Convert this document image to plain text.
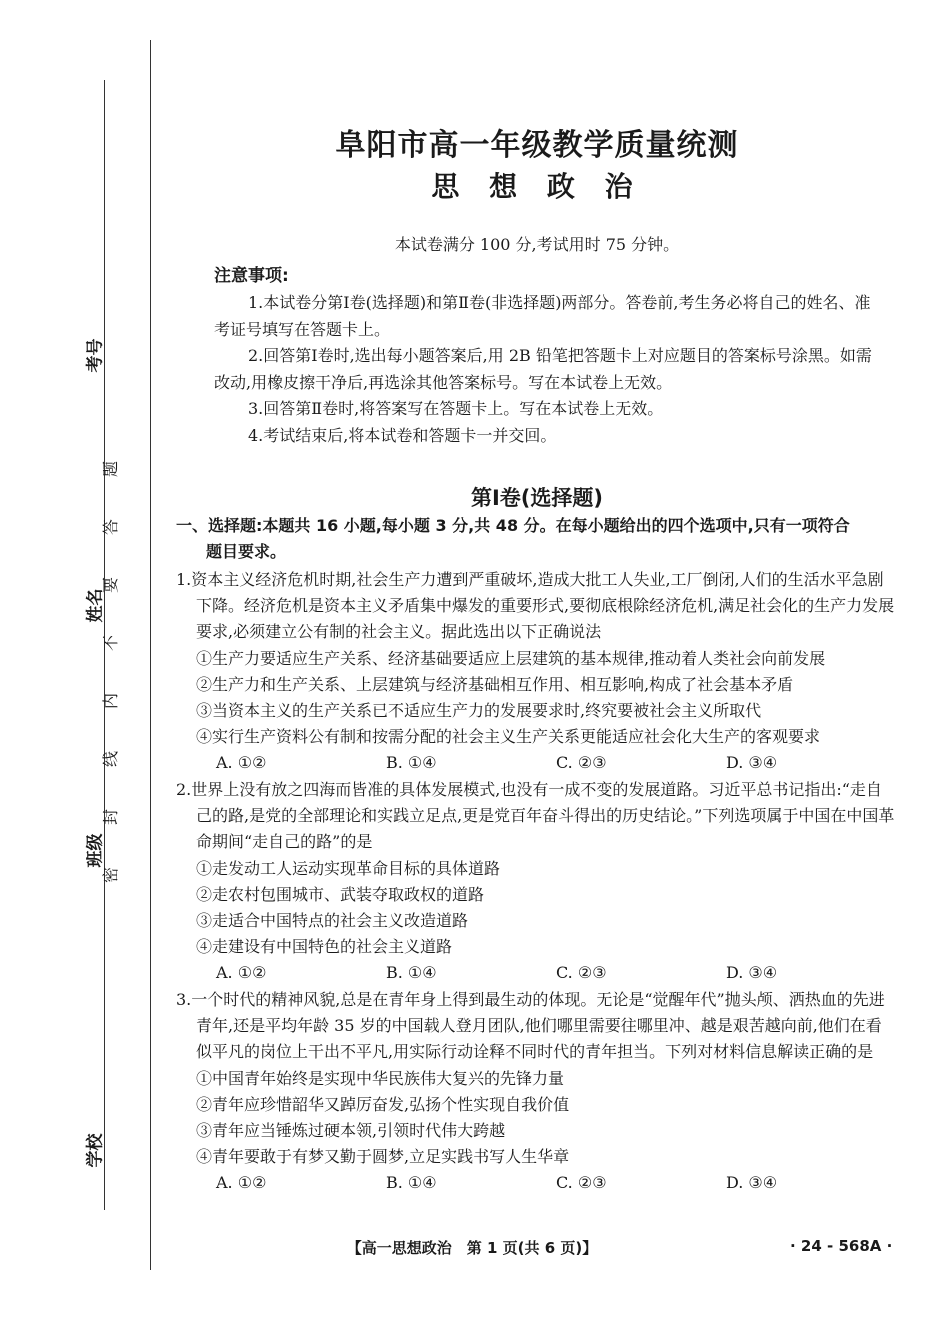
考号
姓名
班级
学校
题
答
要
不
内
线
封
密
阜阳市高一年级教学质量统测
思 想 政 治
本试卷满分 100 分,考试用时 75 分钟。
注意事项:

1.本试卷分第Ⅰ卷(选择题)和第Ⅱ卷(非选择题)两部分。答卷前,考生务必将自己的姓名、准考证号填写在答题卡上。

2.回答第Ⅰ卷时,选出每小题答案后,用 2B 铅笔把答题卡上对应题目的答案标号涂黑。如需改动,用橡皮擦干净后,再选涂其他答案标号。写在本试卷上无效。

3.回答第Ⅱ卷时,将答案写在答题卡上。写在本试卷上无效。

4.考试结束后,将本试卷和答题卡一并交回。

第Ⅰ卷(选择题)
一、选择题:本题共 16 小题,每小题 3 分,共 48 分。在每小题给出的四个选项中,只有一项符合
题目要求。

1.资本主义经济危机时期,社会生产力遭到严重破坏,造成大批工人失业,工厂倒闭,人们的生活水平急剧下降。经济危机是资本主义矛盾集中爆发的重要形式,要彻底根除经济危机,满足社会化的生产力发展要求,必须建立公有制的社会主义。据此选出以下正确说法

①生产力要适应生产关系、经济基础要适应上层建筑的基本规律,推动着人类社会向前发展

②生产力和生产关系、上层建筑与经济基础相互作用、相互影响,构成了社会基本矛盾

③当资本主义的生产关系已不适应生产力的发展要求时,终究要被社会主义所取代

④实行生产资料公有制和按需分配的社会主义生产关系更能适应社会化大生产的客观要求

A. ①②	B. ①④	C. ②③	D. ③④

2.世界上没有放之四海而皆准的具体发展模式,也没有一成不变的发展道路。习近平总书记指出:“走自己的路,是党的全部理论和实践立足点,更是党百年奋斗得出的历史结论。”下列选项属于中国在中国革命期间“走自己的路”的是

①走发动工人运动实现革命目标的具体道路

②走农村包围城市、武装夺取政权的道路

③走适合中国特点的社会主义改造道路

④走建设有中国特色的社会主义道路

A. ①②	B. ①④	C. ②③	D. ③④

3.一个时代的精神风貌,总是在青年身上得到最生动的体现。无论是“觉醒年代”抛头颅、洒热血的先进青年,还是平均年龄 35 岁的中国载人登月团队,他们哪里需要往哪里冲、越是艰苦越向前,他们在看似平凡的岗位上干出不平凡,用实际行动诠释不同时代的青年担当。下列对材料信息解读正确的是

①中国青年始终是实现中华民族伟大复兴的先锋力量

②青年应珍惜韶华又踔厉奋发,弘扬个性实现自我价值

③青年应当锤炼过硬本领,引领时代伟大跨越

④青年要敢于有梦又勤于圆梦,立足实践书写人生华章

A. ①②	B. ①④	C. ②③	D. ③④
【高一思想政治　第 1 页(共 6 页)】	· 24 - 568A ·
